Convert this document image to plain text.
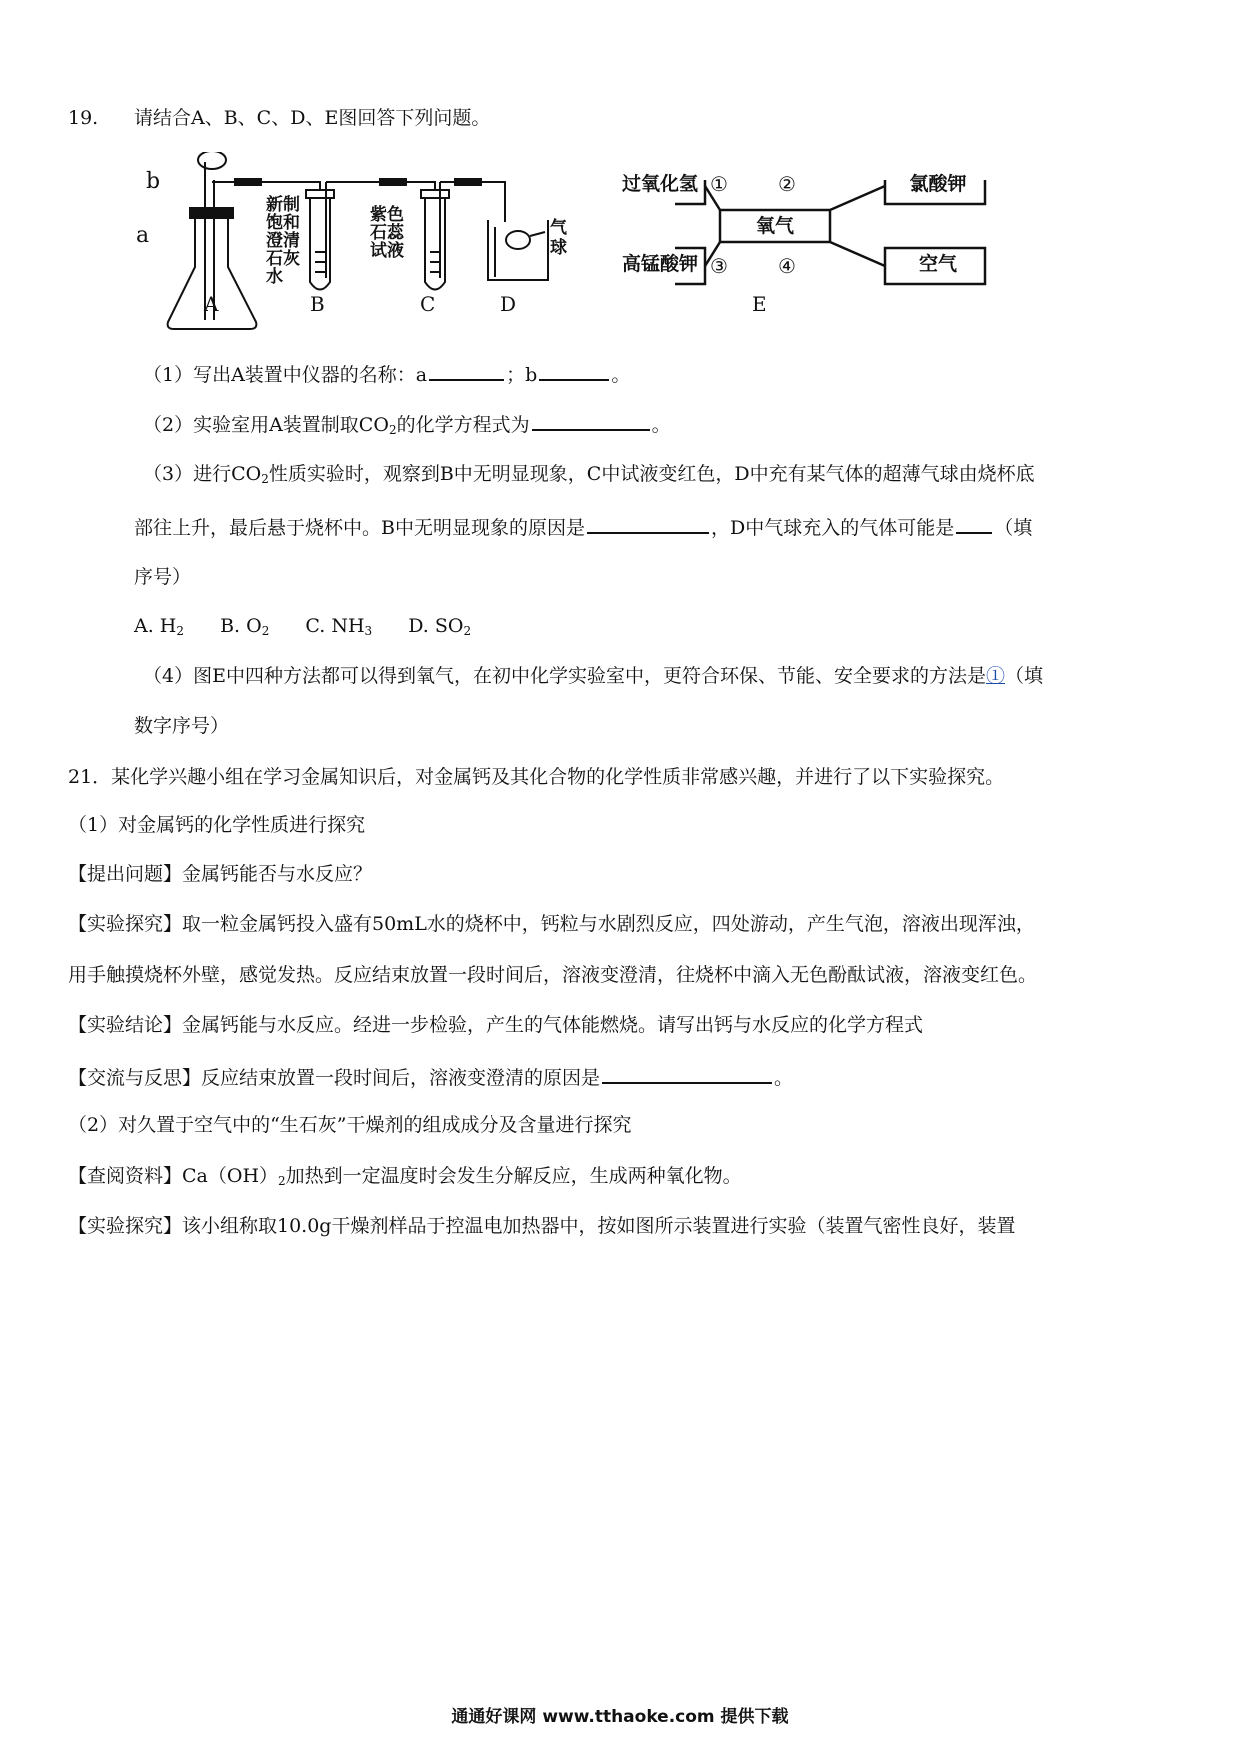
19. 请结合A、B、C、D、E图回答下列问题。
b
a
新制饱和澄清石灰水
紫色石蕊试液
气球
A	B	C	D	E
过氧化氢	氯酸钾
高锰酸钾	空气
氧气
①	②
③	④
（1）写出A装置中仪器的名称：a	；b	。
（2）实验室用A装置制取$CO_2$的化学方程式为	。
（3）进行$CO_2$性质实验时，观察到B中无明显现象，C中试液变红色，D中充有某气体的超薄气球由烧杯底
部往上升，最后悬于烧杯中。B中无明显现象的原因是	，D中气球充入的气体可能是 （填
序号）
A. $H_2$ B. $O_2$ C. $NH_3$ D. $SO_2$
（4）图E中四种方法都可以得到氧气，在初中化学实验室中，更符合环保、节能、安全要求的方法是①（填
数字序号）
21．某化学兴趣小组在学习金属知识后，对金属钙及其化合物的化学性质非常感兴趣，并进行了以下实验探究。
（1）对金属钙的化学性质进行探究
【提出问题】金属钙能否与水反应？
【实验探究】取一粒金属钙投入盛有50mL水的烧杯中，钙粒与水剧烈反应，四处游动，产生气泡，溶液出现浑浊，
用手触摸烧杯外壁，感觉发热。反应结束放置一段时间后，溶液变澄清，往烧杯中滴入无色酚酞试液，溶液变红色。
【实验结论】金属钙能与水反应。经进一步检验，产生的气体能燃烧。请写出钙与水反应的化学方程式
【交流与反思】反应结束放置一段时间后，溶液变澄清的原因是	。
（2）对久置于空气中的“生石灰”干燥剂的组成成分及含量进行探究
【查阅资料】$Ca(OH)_2$加热到一定温度时会发生分解反应，生成两种氧化物。
【实验探究】该小组称取10.0g干燥剂样品于控温电加热器中，按如图所示装置进行实验（装置气密性良好，装置
通通好课网 www.tthaoke.com 提供下载
